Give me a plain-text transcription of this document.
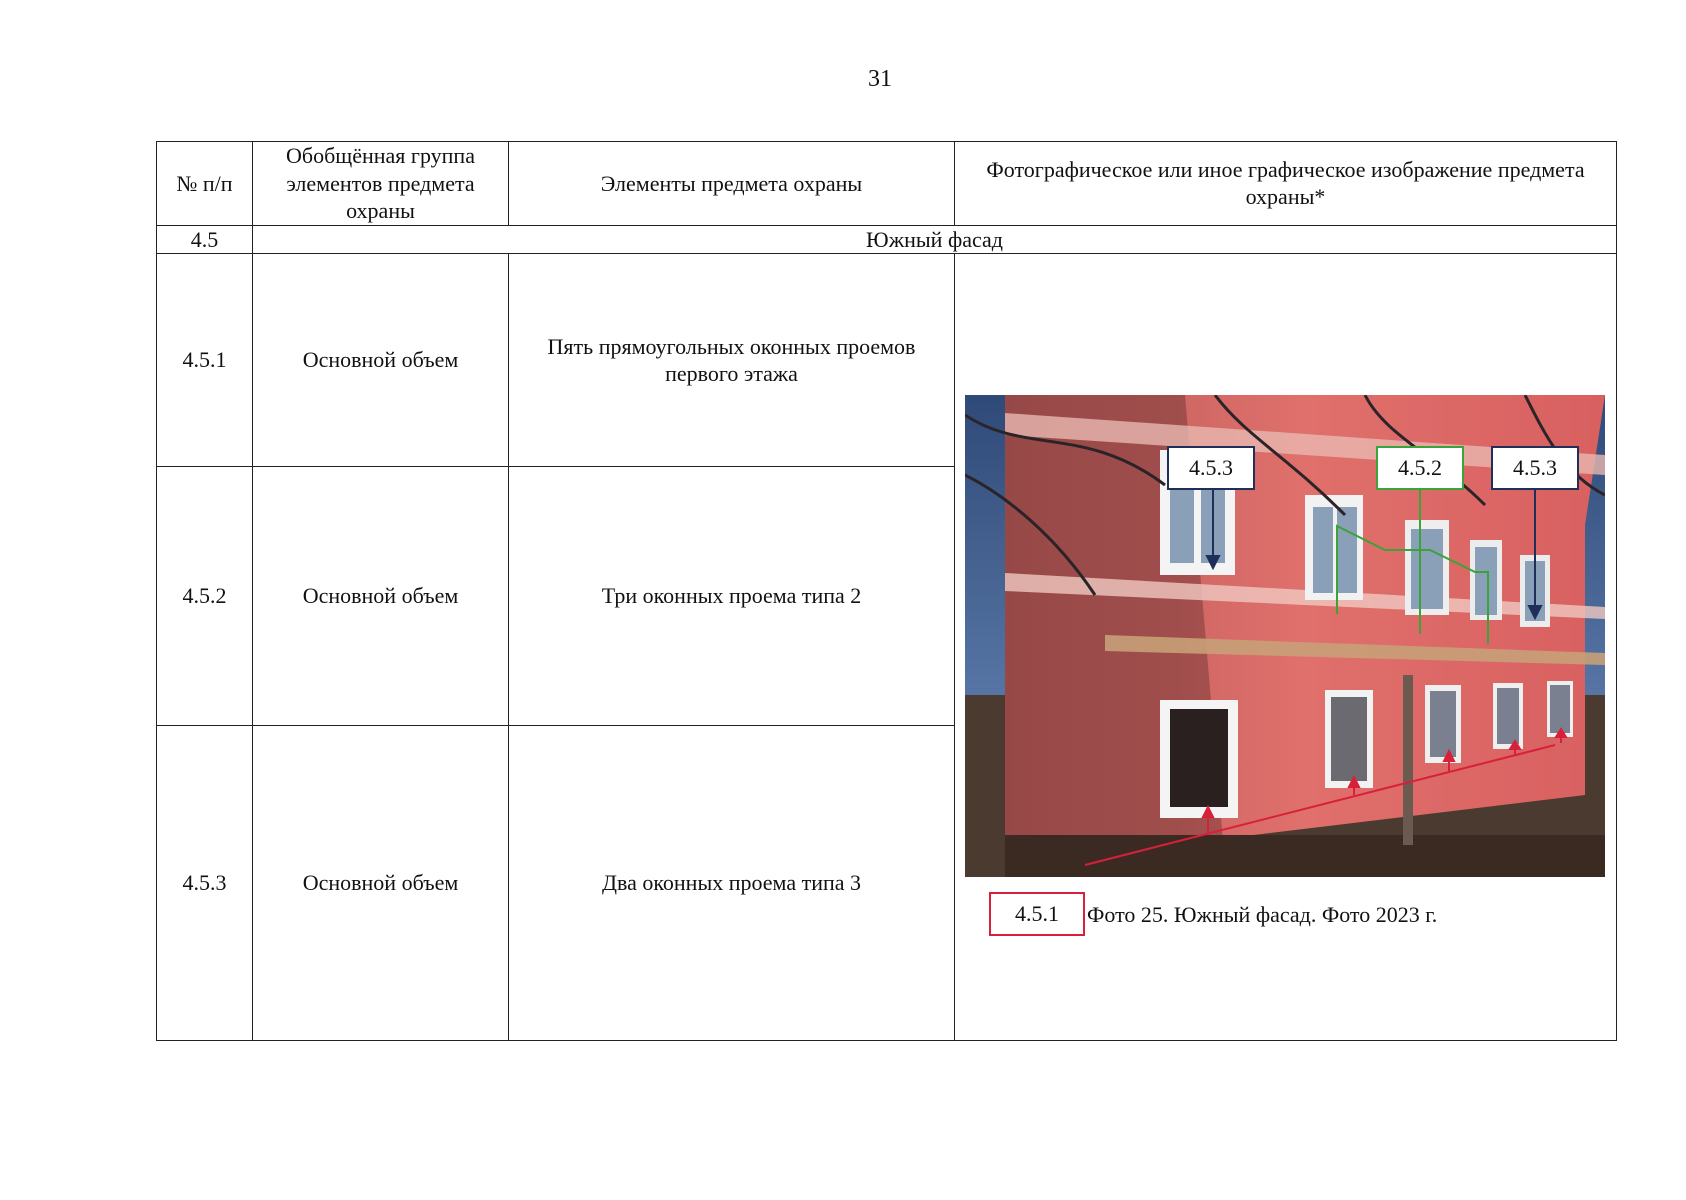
31
№ п/п	Обобщённая группа элементов предмета охраны	Элементы предмета охраны	Фотографическое или иное графическое изображение предмета охраны*
4.5	Южный фасад		
4.5.1	Основной объем	Пять прямоугольных оконных проемов первого этажа	4.5.3 4.5.2 4.5.3
4.5.1 Фото 25. Южный фасад. Фото 2023 г.

4.5.2	Основной объем	Три оконных проема типа 2	
4.5.3	Основной объем	Два оконных проема типа 3	
